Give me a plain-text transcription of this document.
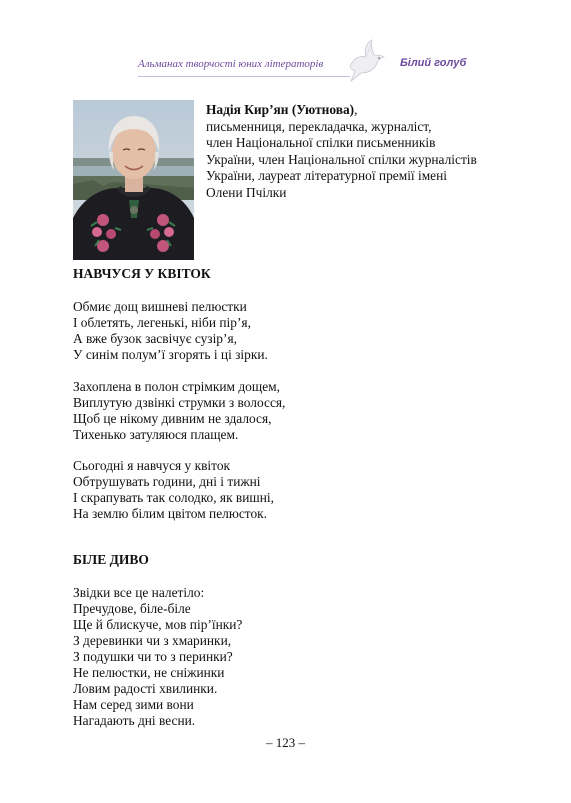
Альманах творчості юних літераторів	Білий голуб
Надія Кир’ян (Уютнова),
письменниця, перекладачка, журналіст,
член Національної спілки письменників
України, член Національної спілки журналістів
України, лауреат літературної премії імені
Олени Пчілки
НАВЧУСЯ У КВІТОК
Обмиє дощ вишневі пелюстки
І облетять, легенькі, ніби пір’я,
А вже бузок засвічує сузір’я,
У синім полум’ї згорять і ці зірки.
Захоплена в полон стрімким дощем,
Виплутую дзвінкі струмки з волосся,
Щоб це нікому дивним не здалося,
Тихенько затуляюся плащем.
Сьогодні я навчуся у квіток
Обтрушувать години, дні і тижні
І скрапувать так солодко, як вишні,
На землю білим цвітом пелюсток.
БІЛЕ ДИВО
Звідки все це налетіло:
Пречудове, біле-біле
Ще й блискуче, мов пір’їнки?
З деревинки чи з хмаринки,
З подушки чи то з перинки?
Не пелюстки, не сніжинки
Ловим радості хвилинки.
Нам серед зими вони
Нагадають дні весни.
– 123 –
